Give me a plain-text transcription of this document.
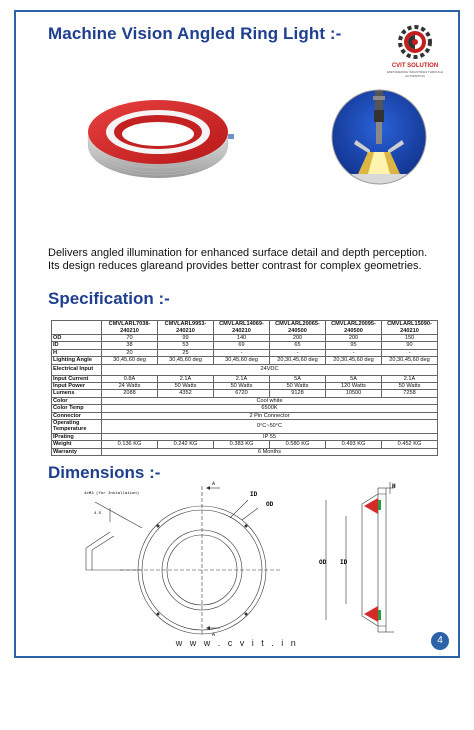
Machine Vision Angled Ring Light :-
CVIT SOLUTION
EMPOWERING INDUSTRIES THROUGH AUTOMATION
Delivers angled illumination for enhanced surface detail and depth perception.
Its design reduces glareand provides better contrast for complex geometries.
Specification :-
	CMVLARL7038-240210	CMVLARL9953-240210	CMVLARL14069-240210	CMVLARL20065-240500	CMVLARL20095-240500	CMVLARL15090-240210
OD	70	99	140	200	200	150
ID	38	53	69	65	95	90
H	20	25	-	-	-	-
Lighting Angle	30,45,60 deg	30,45,60 deg	30,45,60 deg	20,30,45,60 deg	20,30,45,60 deg	20,30,45,60 deg
Electrical Input	24VDC					
Input Current	0.8A	2.1A	2.1A	5A	5A	2.1A
Input Power	24 Watts	50 Watts	50 Watts	50 Watts	120 Watts	50 Watts
Lumens	2088	4352	6720	9128	10500	7258
Color	Cool white					
Color Temp	6500K					
Connector	2 Pin Connector					
Operating Temperature	0°C~50°C					
IPrating	IP 55					
Weight	0.136 KG	0.242 KG	0.383 KG	0.580 KG	0.493 KG	0.452 KG
Warranty	6 Months					
Dimensions :-
4xM3 (for Installation)
4.5
A
A
ID
OD
H
OD ID
w w w . c v i t . i n	4
